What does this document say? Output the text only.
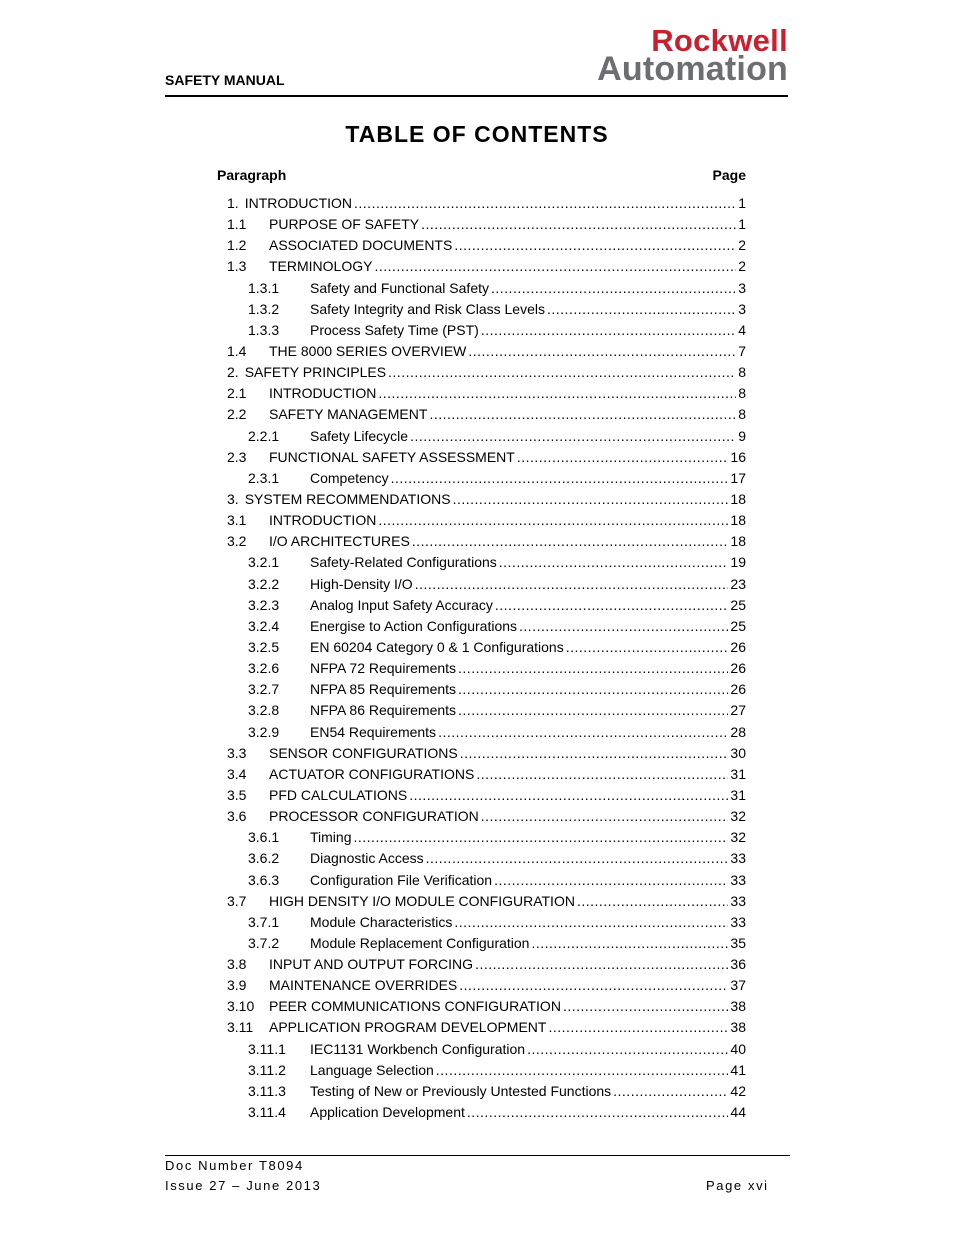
SAFETY MANUAL
Rockwell
Automation
TABLE OF CONTENTS
Paragraph	Page
1. INTRODUCTION .....	1
1.1	PURPOSE OF SAFETY .....	1
1.2	ASSOCIATED DOCUMENTS .....	2
1.3	TERMINOLOGY .....	2
1.3.1	Safety and Functional Safety .....	3
1.3.2	Safety Integrity and Risk Class Levels .....	3
1.3.3	Process Safety Time (PST) .....	4
1.4	THE 8000 SERIES OVERVIEW .....	7
2. SAFETY PRINCIPLES .....	8
2.1	INTRODUCTION .....	8
2.2	SAFETY MANAGEMENT .....	8
2.2.1	Safety Lifecycle .....	9
2.3	FUNCTIONAL SAFETY ASSESSMENT .....	16
2.3.1	Competency .....	17
3. SYSTEM RECOMMENDATIONS .....	18
3.1	INTRODUCTION .....	18
3.2	I/O ARCHITECTURES .....	18
3.2.1	Safety-Related Configurations .....	19
3.2.2	High-Density I/O .....	23
3.2.3	Analog Input Safety Accuracy .....	25
3.2.4	Energise to Action Configurations .....	25
3.2.5	EN 60204 Category 0 & 1 Configurations .....	26
3.2.6	NFPA 72 Requirements .....	26
3.2.7	NFPA 85 Requirements .....	26
3.2.8	NFPA 86 Requirements .....	27
3.2.9	EN54 Requirements .....	28
3.3	SENSOR CONFIGURATIONS .....	30
3.4	ACTUATOR CONFIGURATIONS .....	31
3.5	PFD CALCULATIONS .....	31
3.6	PROCESSOR CONFIGURATION .....	32
3.6.1	Timing .....	32
3.6.2	Diagnostic Access .....	33
3.6.3	Configuration File Verification .....	33
3.7	HIGH DENSITY I/O MODULE CONFIGURATION .....	33
3.7.1	Module Characteristics .....	33
3.7.2	Module Replacement Configuration .....	35
3.8	INPUT AND OUTPUT FORCING .....	36
3.9	MAINTENANCE OVERRIDES .....	37
3.10	PEER COMMUNICATIONS CONFIGURATION .....	38
3.11	APPLICATION PROGRAM DEVELOPMENT .....	38
3.11.1	IEC1131 Workbench Configuration .....	40
3.11.2	Language Selection .....	41
3.11.3	Testing of New or Previously Untested Functions .....	42
3.11.4	Application Development .....	44
Doc Number T8094
Issue 27 – June 2013	Page xvi
